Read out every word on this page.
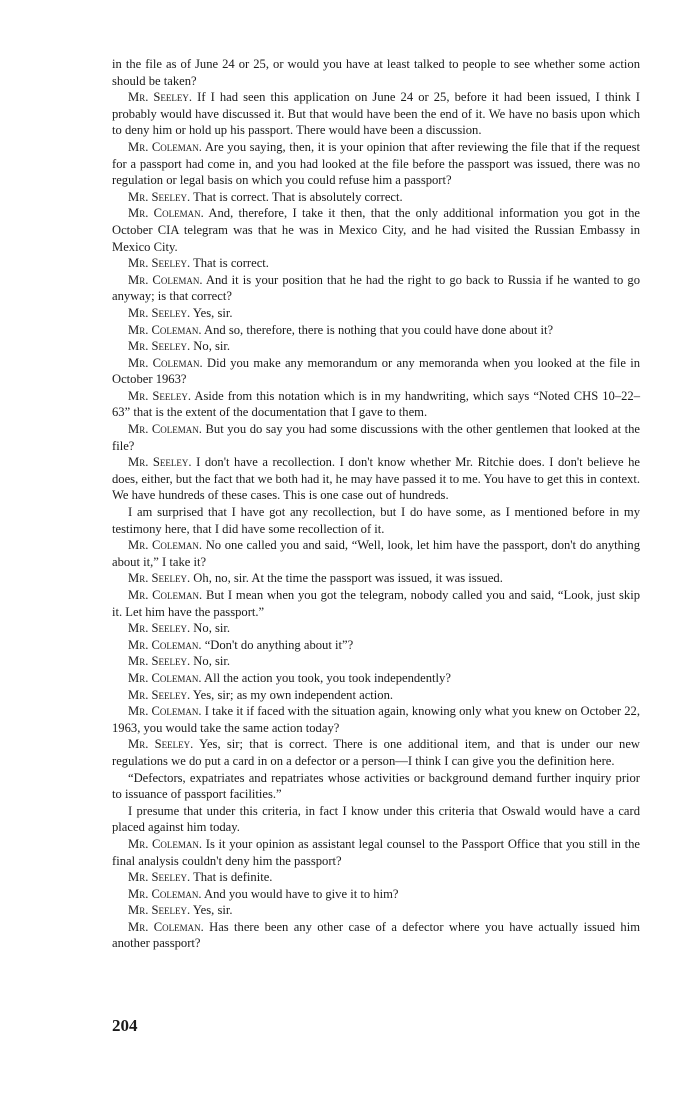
in the file as of June 24 or 25, or would you have at least talked to people to see whether some action should be taken?

Mr. Seeley. If I had seen this application on June 24 or 25, before it had been issued, I think I probably would have discussed it. But that would have been the end of it. We have no basis upon which to deny him or hold up his passport. There would have been a discussion.

Mr. Coleman. Are you saying, then, it is your opinion that after reviewing the file that if the request for a passport had come in, and you had looked at the file before the passport was issued, there was no regulation or legal basis on which you could refuse him a passport?

Mr. Seeley. That is correct. That is absolutely correct.

Mr. Coleman. And, therefore, I take it then, that the only additional information you got in the October CIA telegram was that he was in Mexico City, and he had visited the Russian Embassy in Mexico City.

Mr. Seeley. That is correct.

Mr. Coleman. And it is your position that he had the right to go back to Russia if he wanted to go anyway; is that correct?

Mr. Seeley. Yes, sir.

Mr. Coleman. And so, therefore, there is nothing that you could have done about it?

Mr. Seeley. No, sir.

Mr. Coleman. Did you make any memorandum or any memoranda when you looked at the file in October 1963?

Mr. Seeley. Aside from this notation which is in my handwriting, which says “Noted CHS 10–22–63” that is the extent of the documentation that I gave to them.

Mr. Coleman. But you do say you had some discussions with the other gentlemen that looked at the file?

Mr. Seeley. I don't have a recollection. I don't know whether Mr. Ritchie does. I don't believe he does, either, but the fact that we both had it, he may have passed it to me. You have to get this in context. We have hundreds of these cases. This is one case out of hundreds.

I am surprised that I have got any recollection, but I do have some, as I mentioned before in my testimony here, that I did have some recollection of it.

Mr. Coleman. No one called you and said, “Well, look, let him have the passport, don't do anything about it,” I take it?

Mr. Seeley. Oh, no, sir. At the time the passport was issued, it was issued.

Mr. Coleman. But I mean when you got the telegram, nobody called you and said, “Look, just skip it. Let him have the passport.”

Mr. Seeley. No, sir.

Mr. Coleman. “Don't do anything about it”?

Mr. Seeley. No, sir.

Mr. Coleman. All the action you took, you took independently?

Mr. Seeley. Yes, sir; as my own independent action.

Mr. Coleman. I take it if faced with the situation again, knowing only what you knew on October 22, 1963, you would take the same action today?

Mr. Seeley. Yes, sir; that is correct. There is one additional item, and that is under our new regulations we do put a card in on a defector or a person—I think I can give you the definition here.

“Defectors, expatriates and repatriates whose activities or background demand further inquiry prior to issuance of passport facilities.”

I presume that under this criteria, in fact I know under this criteria that Oswald would have a card placed against him today.

Mr. Coleman. Is it your opinion as assistant legal counsel to the Passport Office that you still in the final analysis couldn't deny him the passport?

Mr. Seeley. That is definite.

Mr. Coleman. And you would have to give it to him?

Mr. Seeley. Yes, sir.

Mr. Coleman. Has there been any other case of a defector where you have actually issued him another passport?

204
